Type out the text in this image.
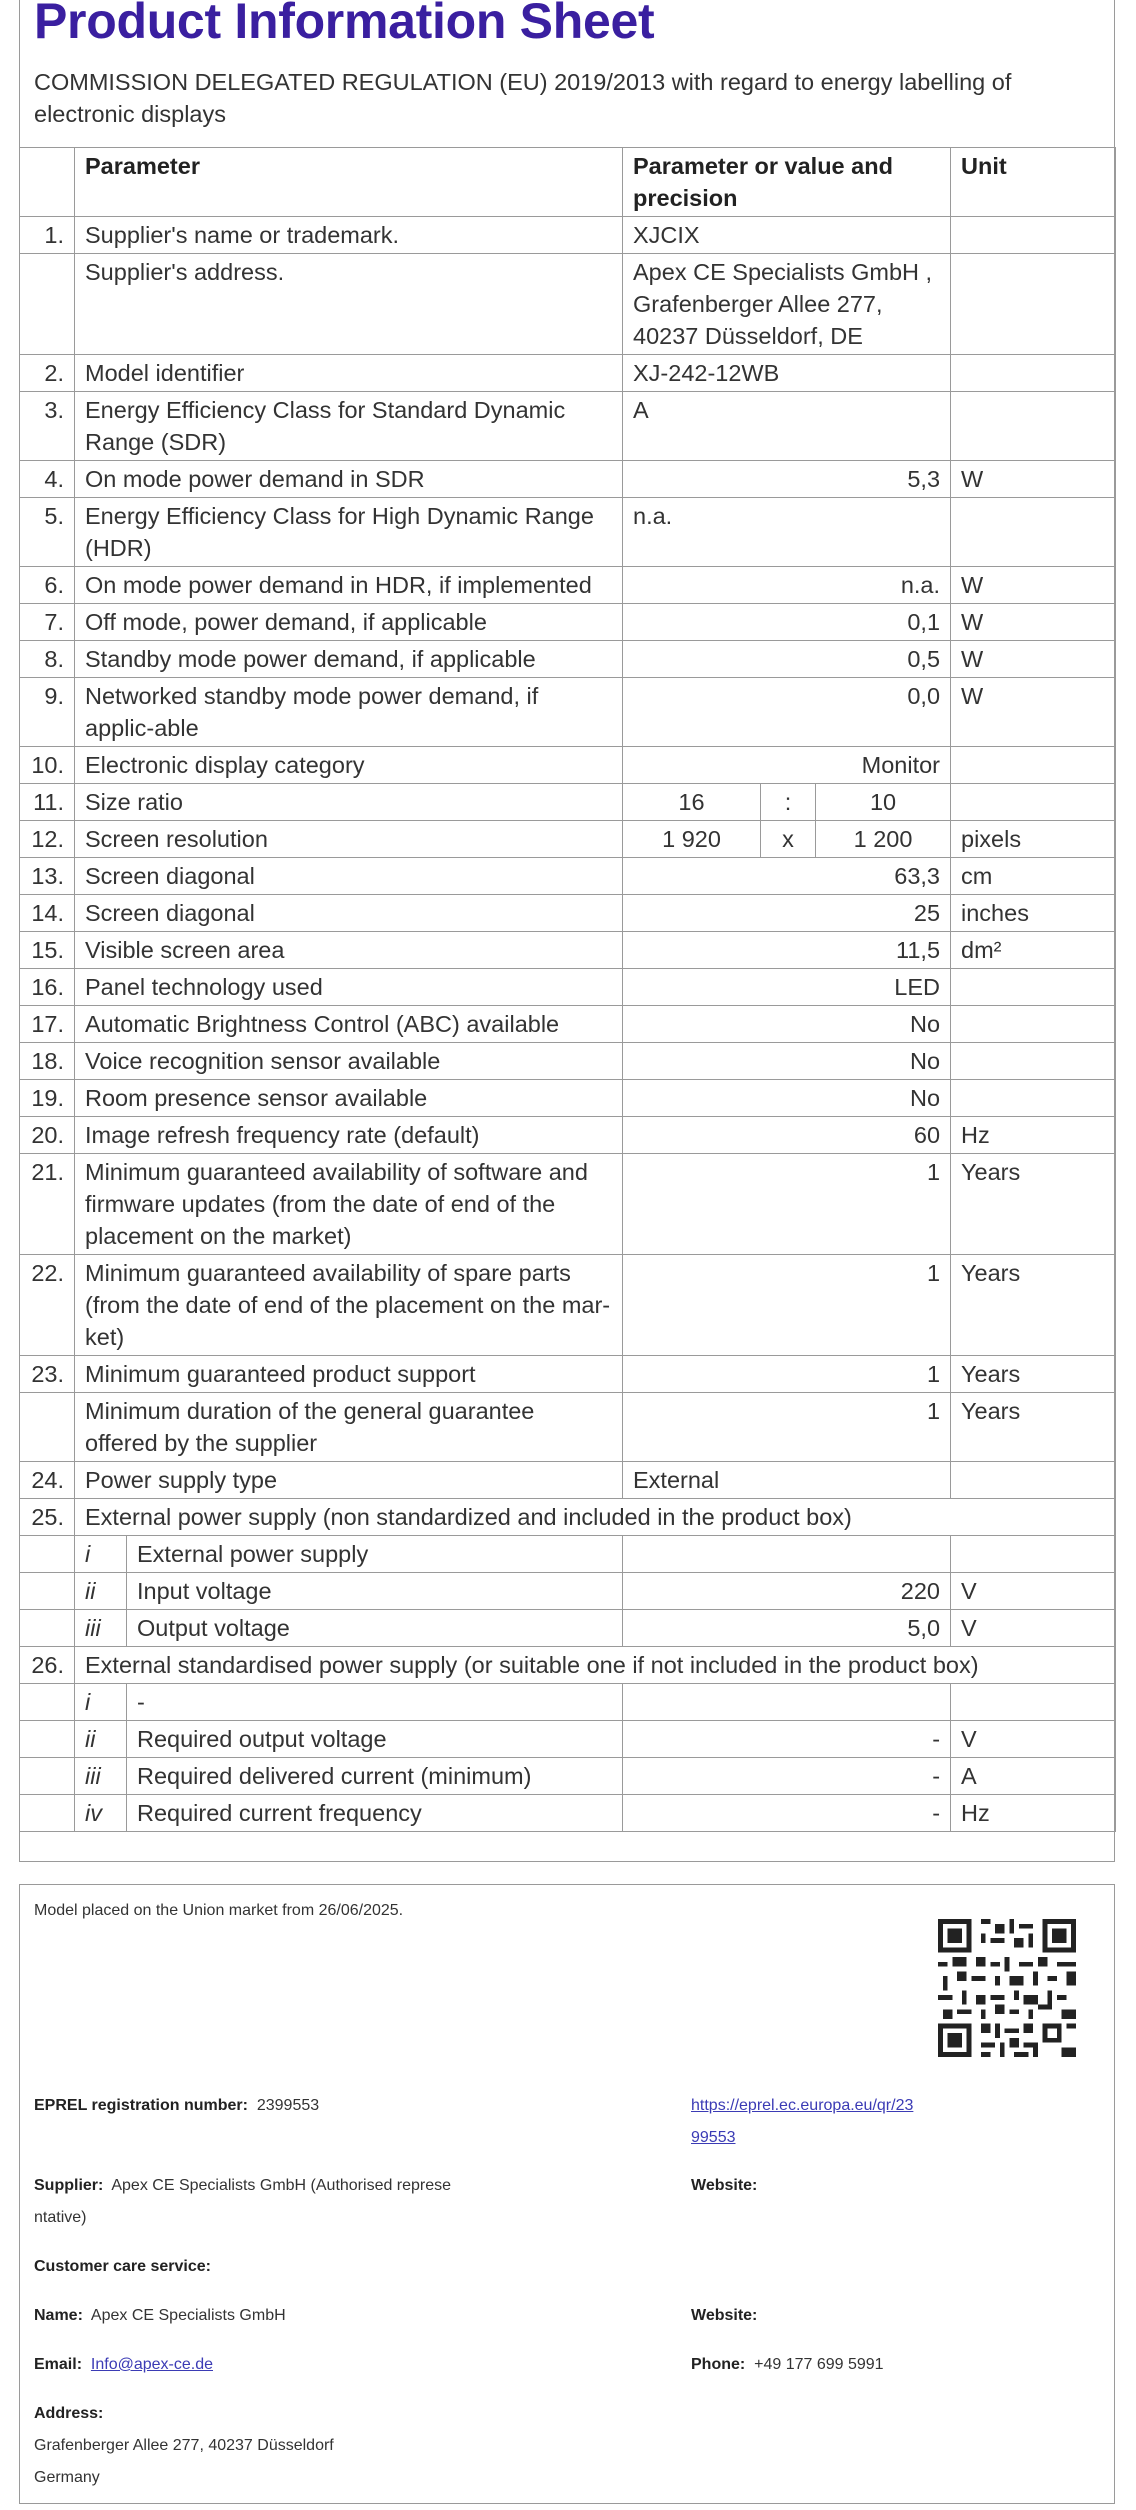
Product Information Sheet
COMMISSION DELEGATED REGULATION (EU) 2019/2013 with regard to energy labelling of electronic displays
	Parameter		Parameter or value and precision			Unit
1.	Supplier's name or trademark.		XJCIX			
	Supplier's address.		Apex CE Specialists GmbH , Grafenberger Allee 277, 40237 Düsseldorf, DE			
2.	Model identifier		XJ-242-12WB			
3.	Energy Efficiency Class for Standard Dynamic Range (SDR)		A			
4.	On mode power demand in SDR		5,3			W
5.	Energy Efficiency Class for High Dynamic Range (HDR)		n.a.			
6.	On mode power demand in HDR, if implemented		n.a.			W
7.	Off mode, power demand, if applicable		0,1			W
8.	Standby mode power demand, if applicable		0,5			W
9.	Networked standby mode power demand, if applic-able		0,0			W
10.	Electronic display category		Monitor			
11.	Size ratio		16	:	10	
12.	Screen resolution		1 920	x	1 200	pixels
13.	Screen diagonal		63,3			cm
14.	Screen diagonal		25			inches
15.	Visible screen area		11,5			dm²
16.	Panel technology used		LED			
17.	Automatic Brightness Control (ABC) available		No			
18.	Voice recognition sensor available		No			
19.	Room presence sensor available		No			
20.	Image refresh frequency rate (default)		60			Hz
21.	Minimum guaranteed availability of software and firmware updates (from the date of end of the placement on the market)		1			Years
22.	Minimum guaranteed availability of spare parts (from the date of end of the placement on the mar-ket)		1			Years
23.	Minimum guaranteed product support		1			Years
	Minimum duration of the general guarantee offered by the supplier		1			Years
24.	Power supply type		External			
25.	External power supply (non standardized and included in the product box)					
	i	External power supply				
	ii	Input voltage	220			V
	iii	Output voltage	5,0			V
26.	External standardised power supply (or suitable one if not included in the product box)					
	i	-				
	ii	Required output voltage	-			V
	iii	Required delivered current (minimum)	-			A
	iv	Required current frequency	-			Hz
Model placed on the Union market from 26/06/2025.
EPREL registration number: 2399553	https://eprel.ec.europa.eu/qr/23
99553
Supplier: Apex CE Specialists GmbH (Authorised represe
ntative)
Website:
Customer care service:
Name: Apex CE Specialists GmbH	Website:
Email: Info@apex-ce.de	Phone: +49 177 699 5991
Address:
Grafenberger Allee 277, 40237 Düsseldorf
Germany
